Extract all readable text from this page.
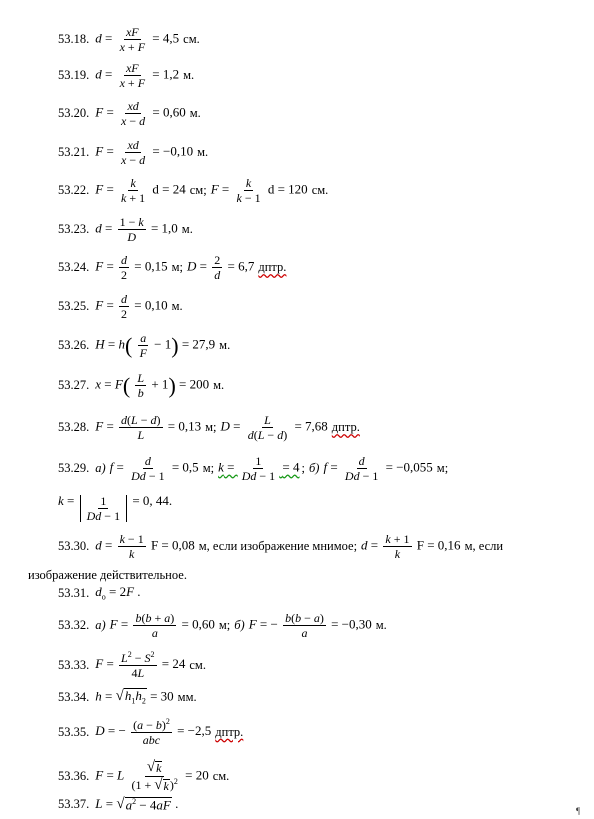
53.18. $d = \frac{xF}{x + F} = 4,5$ см.
53.19. $d = \frac{xF}{x + F} = 1,2$ м.
53.20. $F = \frac{xd}{x - d} = 0,60$ м.
53.21. $F = \frac{xd}{x - d} = -0,10$ м.
53.22. $F = \frac{k}{k + 1}$ d = 24 см; $F = \frac{k}{k - 1}$ d = 120 см.
53.23. $d = \frac{1 - k}{D} = 1,0$ м.
53.24. $F = \frac{d}{2} = 0,15$ м; $D = \frac{2}{d} = 6,7$ дптр.
53.25. $F = \frac{d}{2} = 0,10$ м.
53.26. $H = h( \frac{a}{F} - 1) = 27,9$ м.
53.27. $x = F( \frac{L}{b} + 1) = 200$ м.
53.28. $F = \frac{d(L - d)}{L} = 0,13$ м; $D = \frac{L}{d(L - d)} = 7,68$ дптр.
53.29. а) $f = \frac{d}{Dd - 1} = 0,5$ м; $k = \frac{1}{Dd - 1} = 4$ ; б) $f = \frac{d}{Dd - 1} = -0,055$ м;
k = 1
Dd − 1
= 0, 44.
53.30. $d = \frac{k - 1}{k}$ F = 0,08 м, если изображение мнимое; $d = \frac{k + 1}{k}$ F = 0,16 м, если
изображение действительное.
53.31. $d_о = 2F$ .
53.32. а) $F = \frac{b(b + a)}{a} = 0,60$ м; б) F = − $\frac{b(b - a)}{a} = -0,30$ м.
53.33. $F = \frac{L^2 - S^2}{4L} = 24$ см.
53.34. h = √ $h_1h_2 = 30$ мм.
53.35. D = − $(a - b)^2$
abc
= −2,5 дптр.
53.36. F = L $\frac{√ k}{(1 + √ k )^2} = 20$ см.
53.37. L = √ $a^2 - 4aF$ .	¶
